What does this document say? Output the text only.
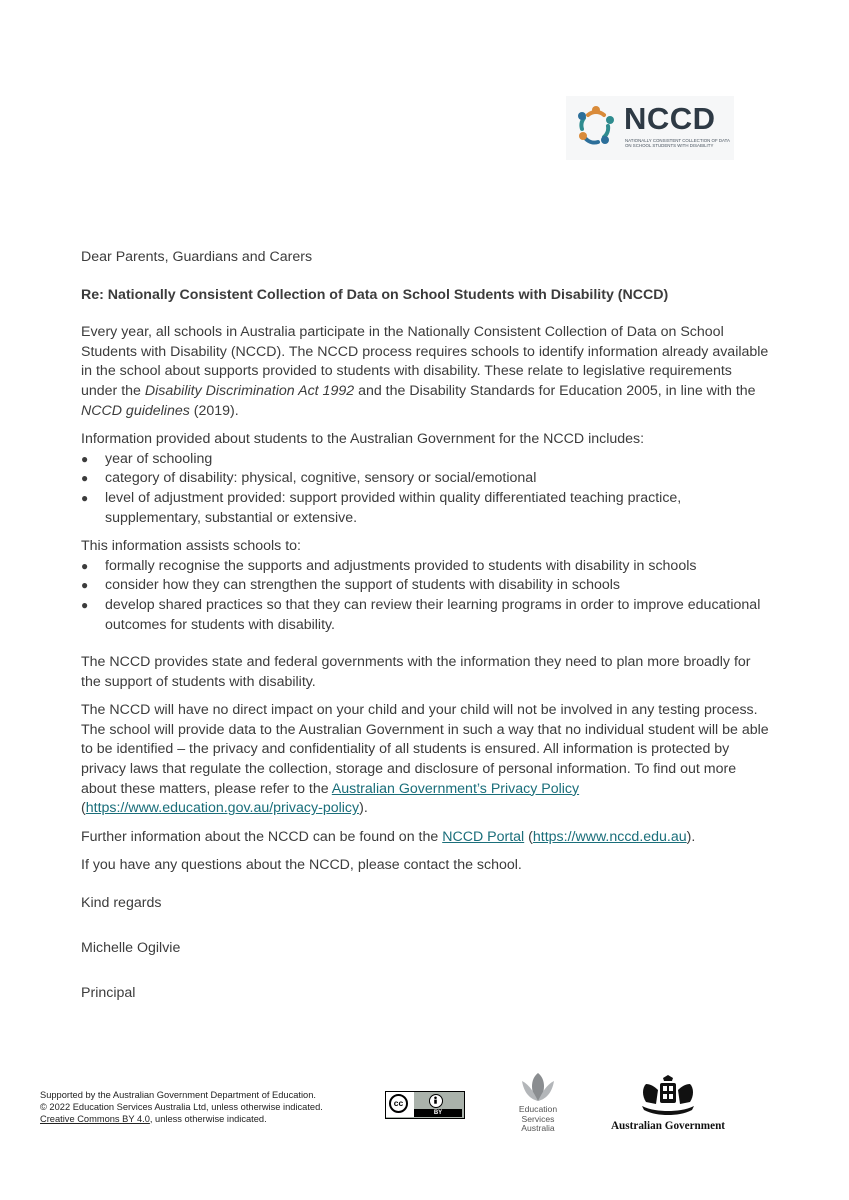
NCCD
NATIONALLY CONSISTENT COLLECTION OF DATA
ON SCHOOL STUDENTS WITH DISABILITY

Dear Parents, Guardians and Carers

Re: Nationally Consistent Collection of Data on School Students with Disability (NCCD)

Every year, all schools in Australia participate in the Nationally Consistent Collection of Data on School Students with Disability (NCCD). The NCCD process requires schools to identify information already available in the school about supports provided to students with disability. These relate to legislative requirements under the Disability Discrimination Act 1992 and the Disability Standards for Education 2005, in line with the NCCD guidelines (2019).

Information provided about students to the Australian Government for the NCCD includes:

● year of schooling
● category of disability: physical, cognitive, sensory or social/emotional
● level of adjustment provided: support provided within quality differentiated teaching practice, supplementary, substantial or extensive.

This information assists schools to:

● formally recognise the supports and adjustments provided to students with disability in schools
● consider how they can strengthen the support of students with disability in schools
● develop shared practices so that they can review their learning programs in order to improve educational outcomes for students with disability.

The NCCD provides state and federal governments with the information they need to plan more broadly for the support of students with disability.

The NCCD will have no direct impact on your child and your child will not be involved in any testing process. The school will provide data to the Australian Government in such a way that no individual student will be able to be identified – the privacy and confidentiality of all students is ensured. All information is protected by privacy laws that regulate the collection, storage and disclosure of personal information. To find out more about these matters, please refer to the Australian Government’s Privacy Policy
(https://www.education.gov.au/privacy-policy).

Further information about the NCCD can be found on the NCCD Portal (https://www.nccd.edu.au).

If you have any questions about the NCCD, please contact the school.

Kind regards

Michelle Ogilvie

Principal

Supported by the Australian Government Department of Education.
© 2022 Education Services Australia Ltd, unless otherwise indicated.
Creative Commons BY 4.0, unless otherwise indicated.
cc
BY	Education
Services
Australia	Australian Government
